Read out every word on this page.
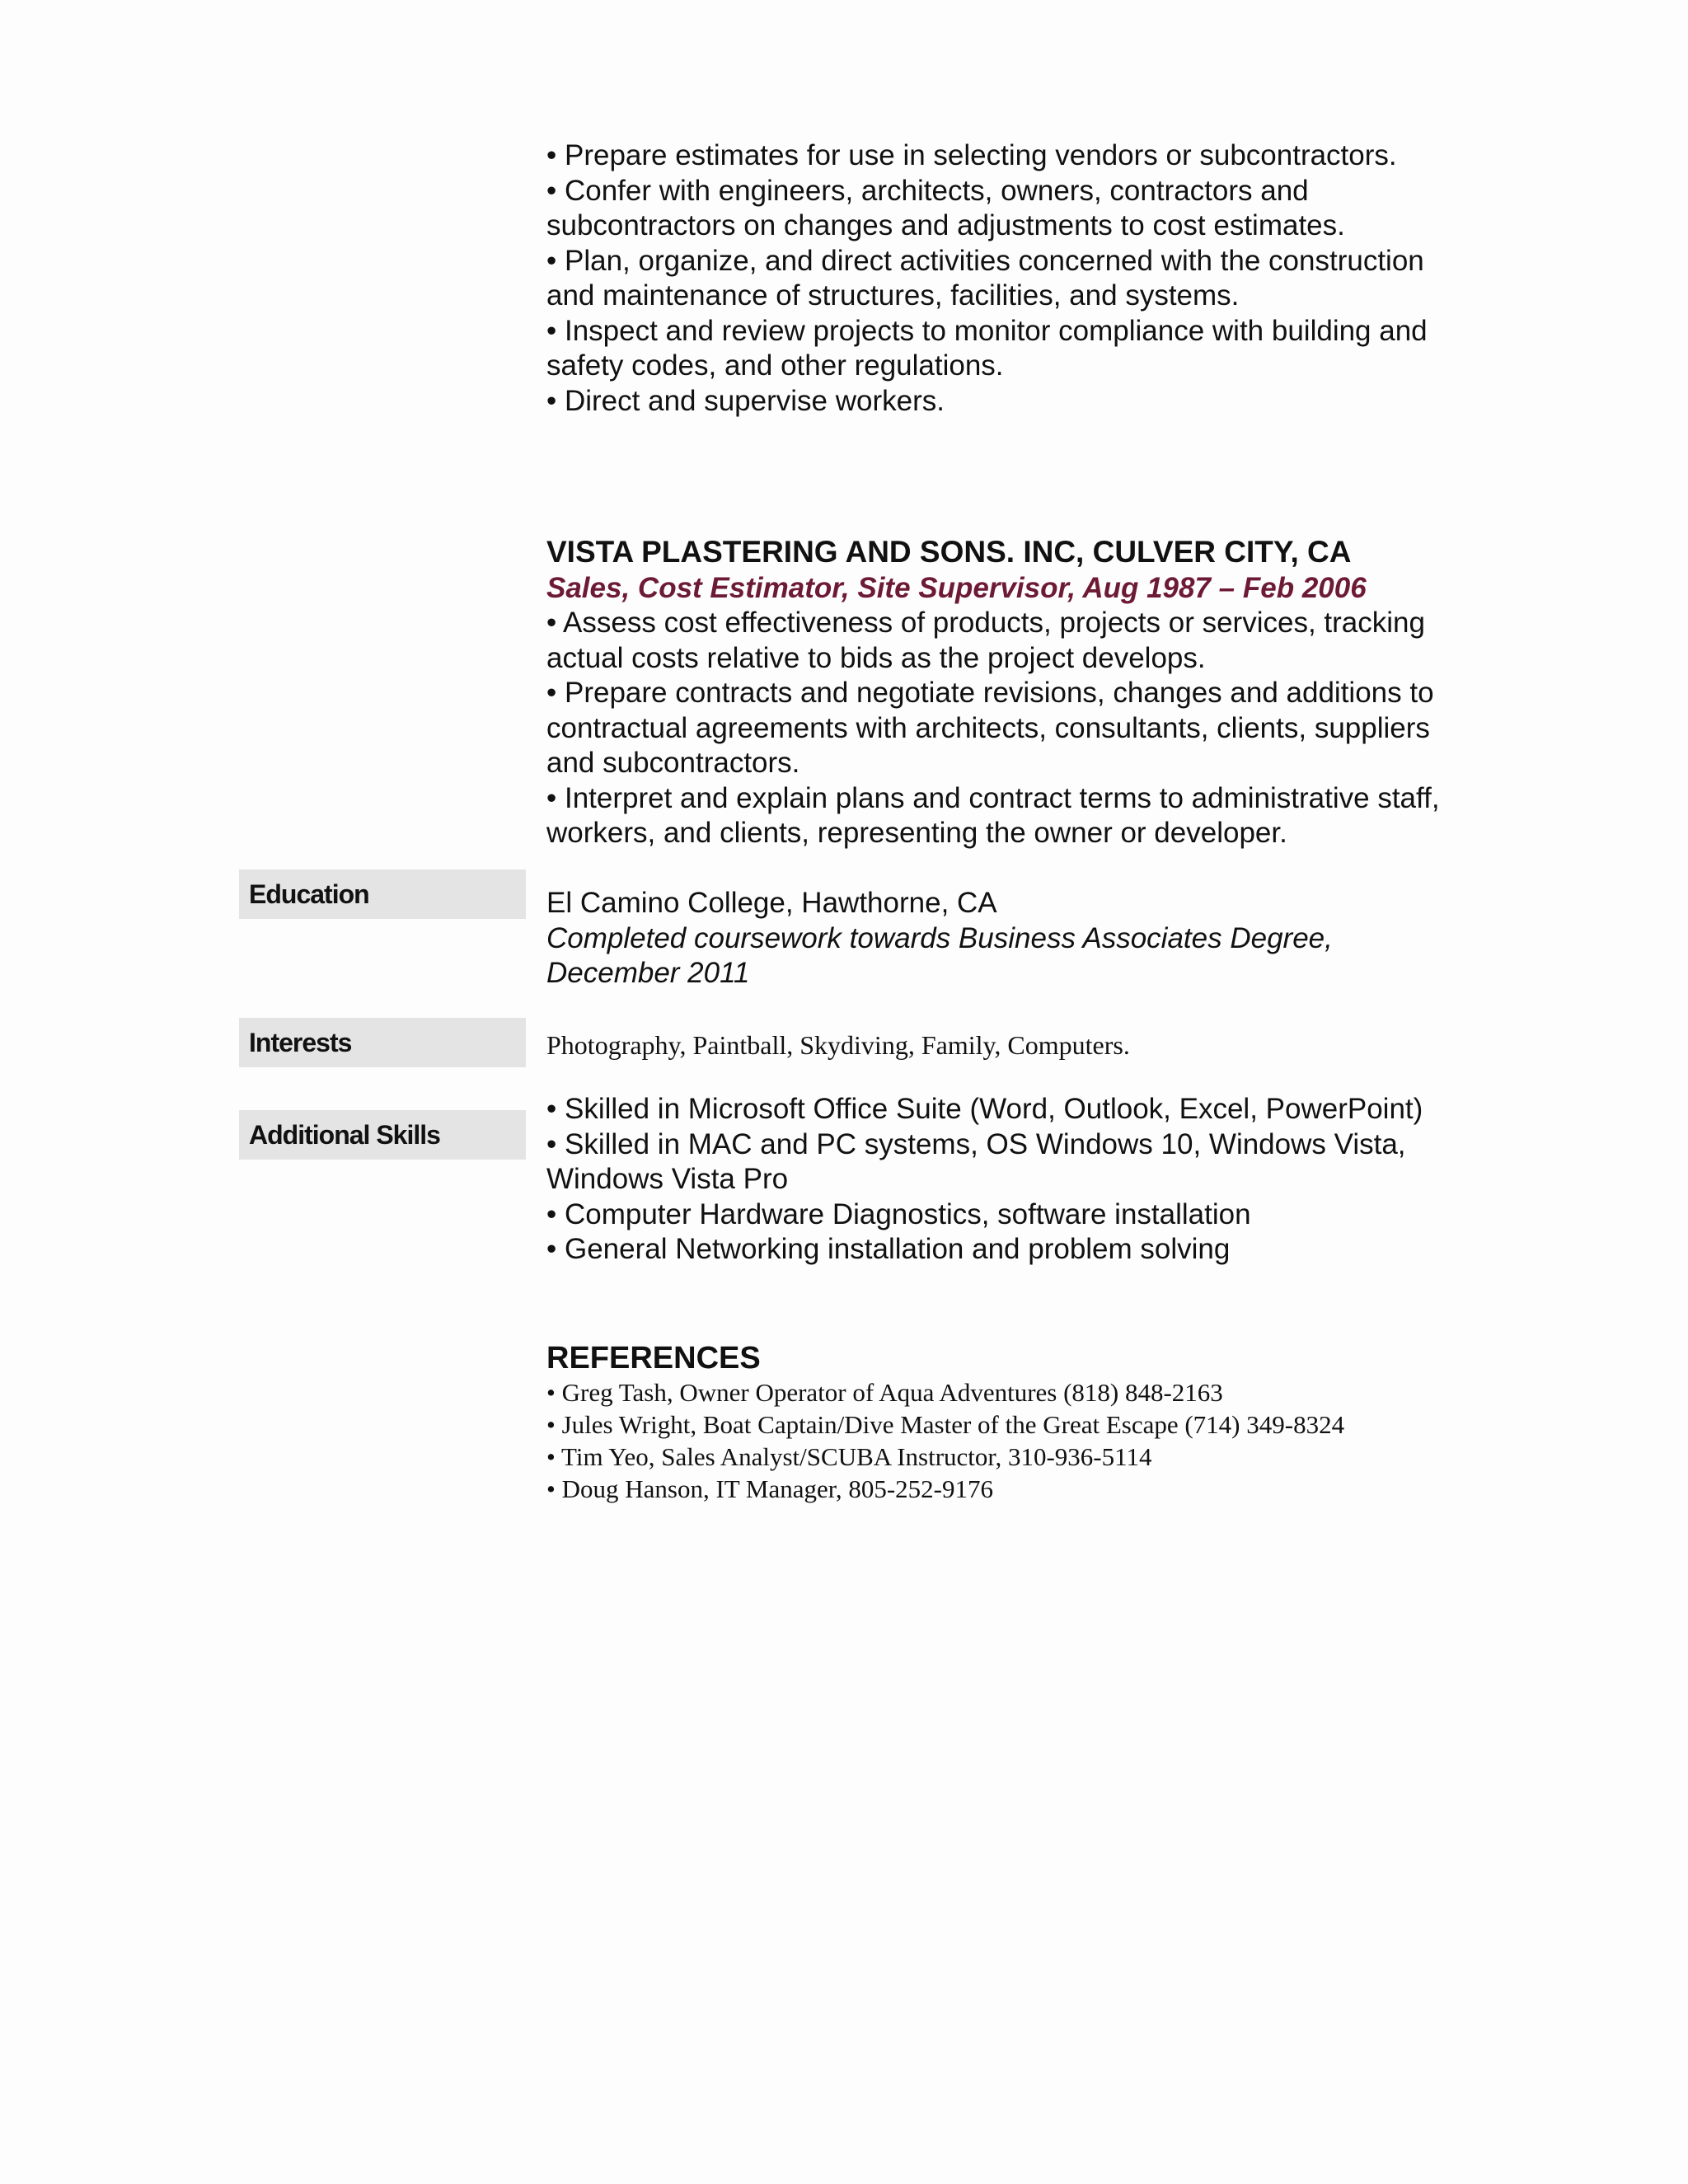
• Prepare estimates for use in selecting vendors or subcontractors.

• Confer with engineers, architects, owners, contractors and subcontractors on changes and adjustments to cost estimates.

• Plan, organize, and direct activities concerned with the construction and maintenance of structures, facilities, and systems.

• Inspect and review projects to monitor compliance with building and safety codes, and other regulations.

• Direct and supervise workers.

VISTA PLASTERING AND SONS. INC, CULVER CITY, CA
Sales, Cost Estimator, Site Supervisor, Aug 1987 – Feb 2006

• Assess cost effectiveness of products, projects or services, tracking actual costs relative to bids as the project develops.

• Prepare contracts and negotiate revisions, changes and additions to contractual agreements with architects, consultants, clients, suppliers and subcontractors.

• Interpret and explain plans and contract terms to administrative staff, workers, and clients, representing the owner or developer.

Education	El Camino College, Hawthorne, CA

Completed coursework towards Business Associates Degree, December 2011

Interests	Photography, Paintball, Skydiving, Family, Computers.
Additional Skills

• Skilled in Microsoft Office Suite (Word, Outlook, Excel, PowerPoint)

• Skilled in MAC and PC systems, OS Windows 10, Windows Vista, Windows Vista Pro

• Computer Hardware Diagnostics, software installation

• General Networking installation and problem solving

REFERENCES

• Greg Tash, Owner Operator of Aqua Adventures (818) 848-2163

• Jules Wright, Boat Captain/Dive Master of the Great Escape (714) 349-8324

• Tim Yeo, Sales Analyst/SCUBA Instructor, 310-936-5114

• Doug Hanson, IT Manager, 805-252-9176
